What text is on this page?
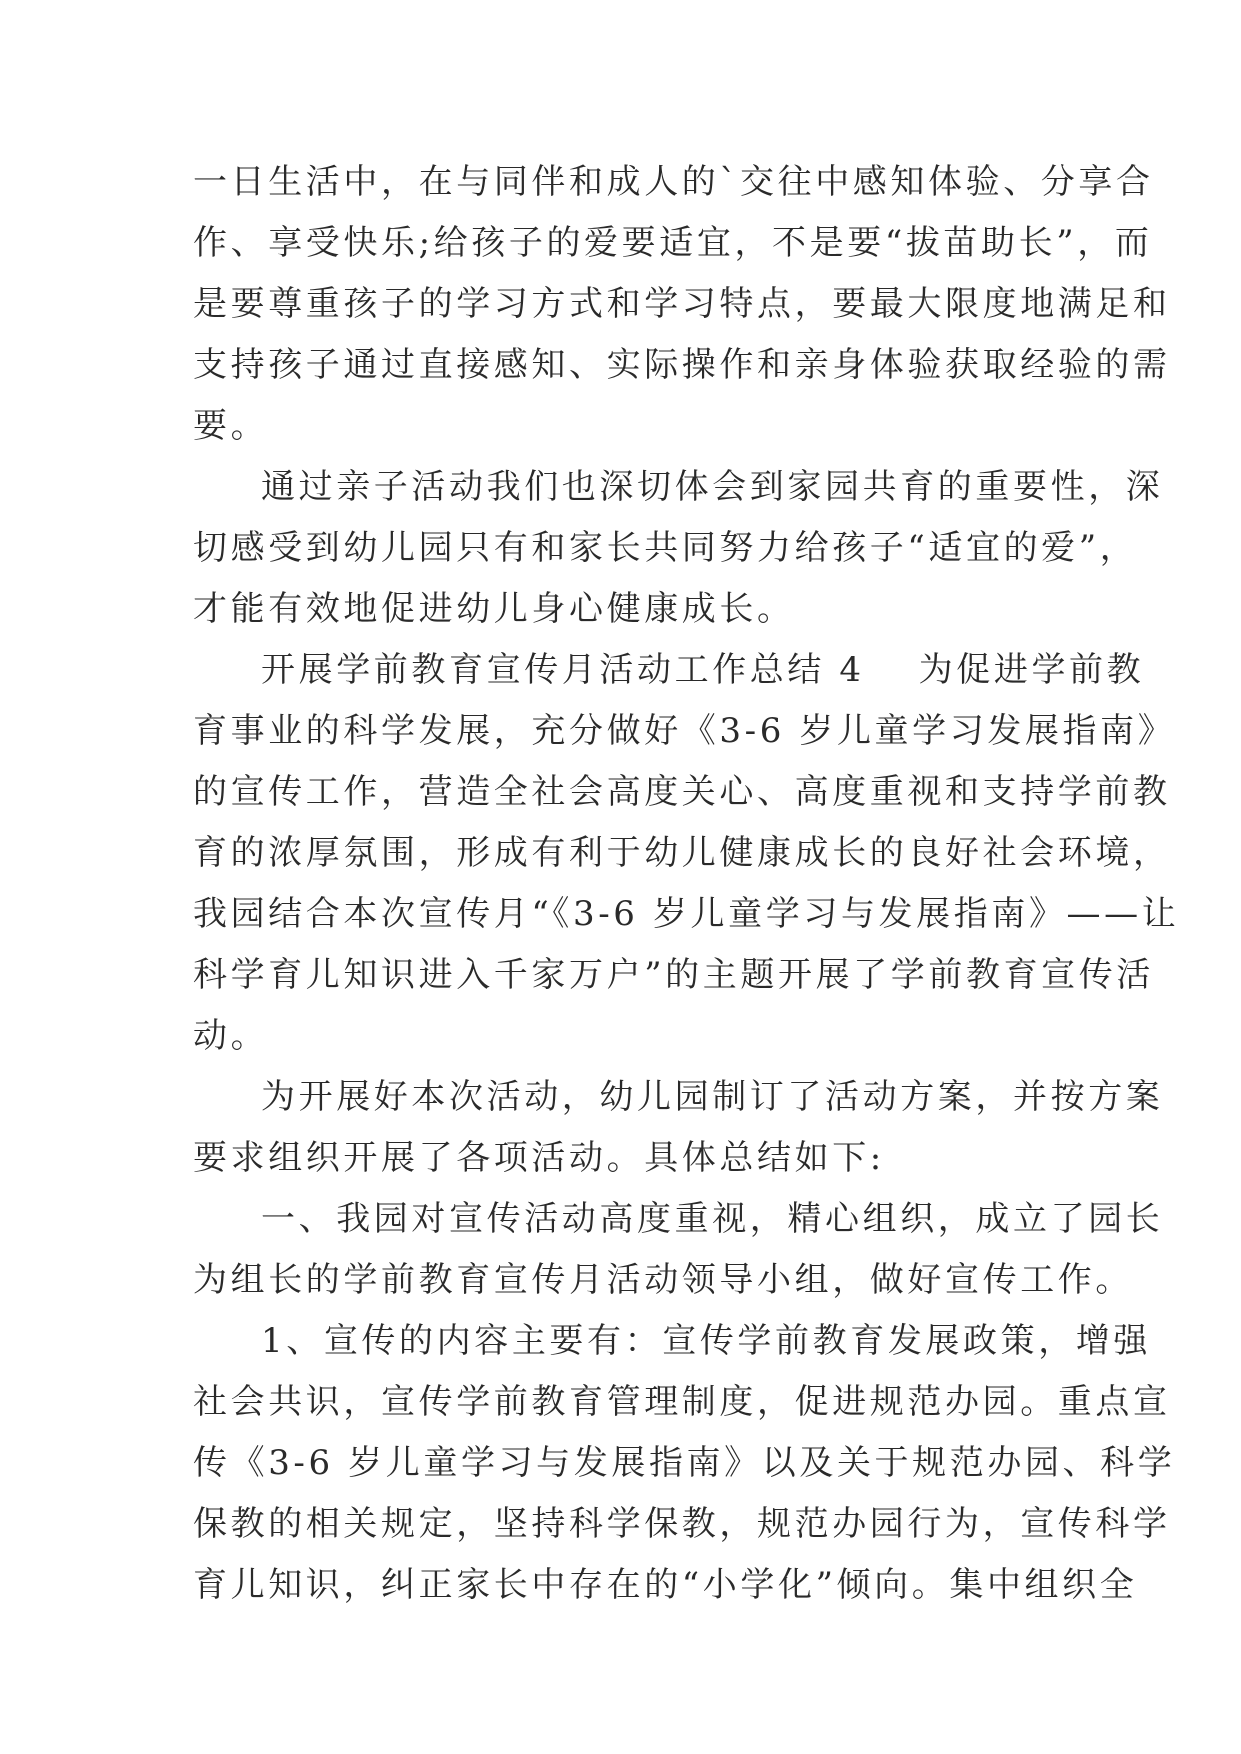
一日生活中，在与同伴和成人的`交往中感知体验、分享合
作、享受快乐;给孩子的爱要适宜，不是要“拔苗助长”，而
是要尊重孩子的学习方式和学习特点，要最大限度地满足和
支持孩子通过直接感知、实际操作和亲身体验获取经验的需
要。
通过亲子活动我们也深切体会到家园共育的重要性，深
切感受到幼儿园只有和家长共同努力给孩子“适宜的爱”，
才能有效地促进幼儿身心健康成长。
开展学前教育宣传月活动工作总结 4 为促进学前教
育事业的科学发展，充分做好《3-6 岁儿童学习发展指南》
的宣传工作，营造全社会高度关心、高度重视和支持学前教
育的浓厚氛围，形成有利于幼儿健康成长的良好社会环境，
我园结合本次宣传月“《3-6 岁儿童学习与发展指南》——让
科学育儿知识进入千家万户”的主题开展了学前教育宣传活
动。
为开展好本次活动，幼儿园制订了活动方案，并按方案
要求组织开展了各项活动。具体总结如下:
一、我园对宣传活动高度重视，精心组织，成立了园长
为组长的学前教育宣传月活动领导小组，做好宣传工作。
1、宣传的内容主要有：宣传学前教育发展政策，增强
社会共识，宣传学前教育管理制度，促进规范办园。重点宣
传《3-6 岁儿童学习与发展指南》以及关于规范办园、科学
保教的相关规定，坚持科学保教，规范办园行为，宣传科学
育儿知识，纠正家长中存在的“小学化”倾向。集中组织全
